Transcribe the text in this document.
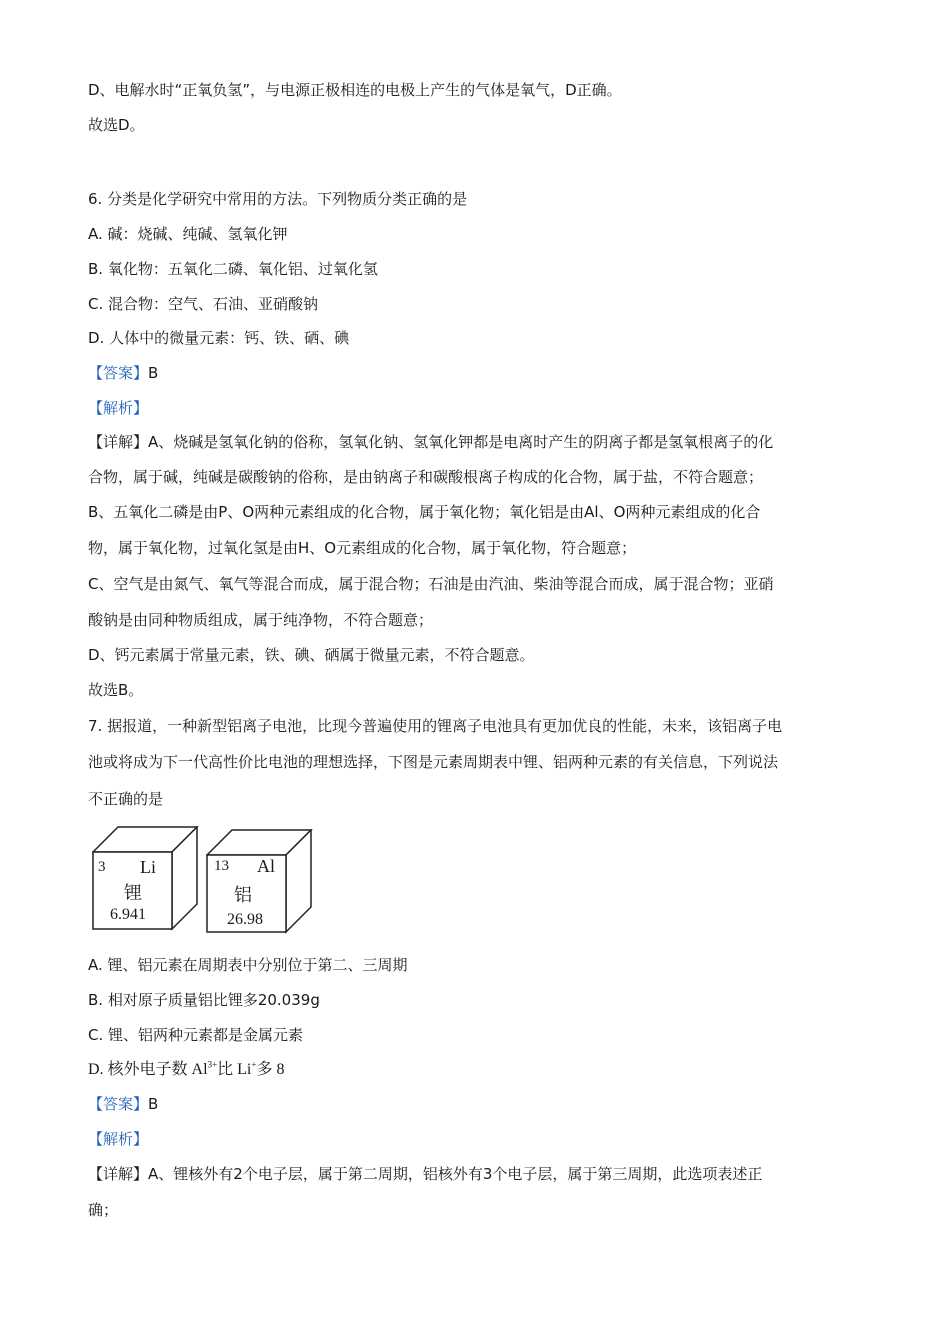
D、电解水时“正氧负氢”，与电源正极相连的电极上产生的气体是氧气，D正确。
故选D。
6. 分类是化学研究中常用的方法。下列物质分类正确的是
A. 碱：烧碱、纯碱、氢氧化钾
B. 氧化物：五氧化二磷、氧化铝、过氧化氢
C. 混合物：空气、石油、亚硝酸钠
D. 人体中的微量元素：钙、铁、硒、碘
【答案】B
【解析】
【详解】A、烧碱是氢氧化钠的俗称，氢氧化钠、氢氧化钾都是电离时产生的阴离子都是氢氧根离子的化
合物，属于碱，纯碱是碳酸钠的俗称，是由钠离子和碳酸根离子构成的化合物，属于盐，不符合题意；
B、五氧化二磷是由P、O两种元素组成的化合物，属于氧化物；氧化铝是由Al、O两种元素组成的化合
物，属于氧化物，过氧化氢是由H、O元素组成的化合物，属于氧化物，符合题意；
C、空气是由氮气、氧气等混合而成，属于混合物；石油是由汽油、柴油等混合而成，属于混合物；亚硝
酸钠是由同种物质组成，属于纯净物，不符合题意；
D、钙元素属于常量元素，铁、碘、硒属于微量元素，不符合题意。
故选B。
7. 据报道，一种新型铝离子电池，比现今普遍使用的锂离子电池具有更加优良的性能，未来，该铝离子电
池或将成为下一代高性价比电池的理想选择，下图是元素周期表中锂、铝两种元素的有关信息，下列说法
不正确的是
3 Li
锂
6.941
13 Al
铝
26.98
A. 锂、铝元素在周期表中分别位于第二、三周期
B. 相对原子质量铝比锂多20.039g
C. 锂、铝两种元素都是金属元素
D. 核外电子数 $Al^{3+}$比 Li+多 8
【答案】B
【解析】
【详解】A、锂核外有2个电子层，属于第二周期，铝核外有3个电子层，属于第三周期，此选项表述正
确；
